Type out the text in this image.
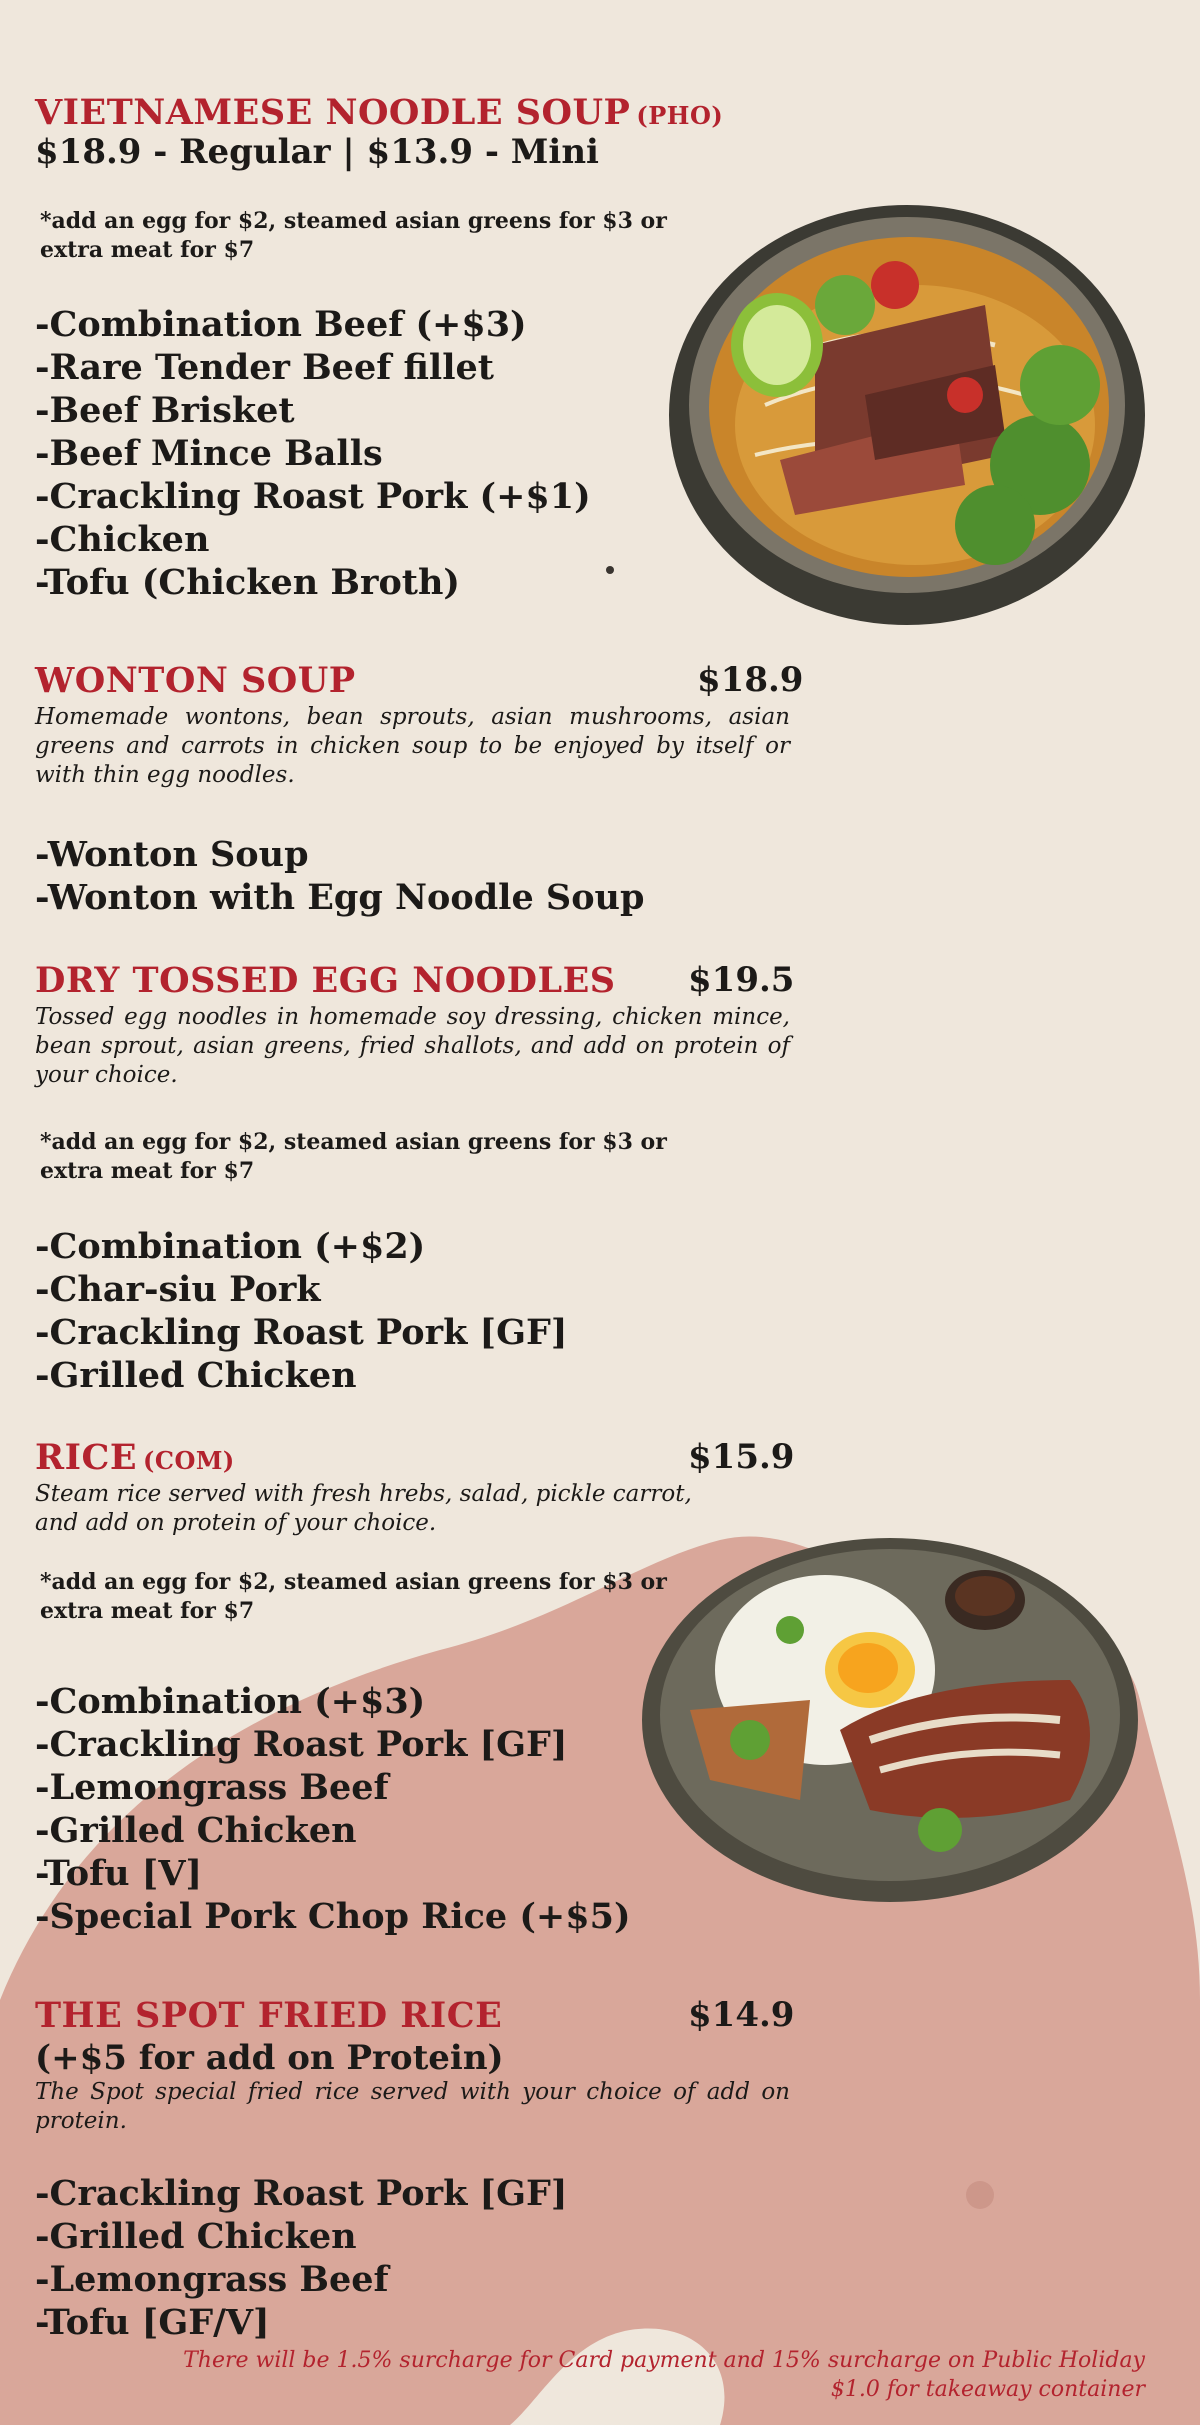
VIETNAMESE NOODLE SOUP (PHO)
$18.9 - Regular | $13.9 - Mini
*add an egg for $2, steamed asian greens for $3 or extra meat for $7
-Combination Beef (+$3)
-Rare Tender Beef fillet
-Beef Brisket
-Beef Mince Balls
-Crackling Roast Pork (+$1)
-Chicken
-Tofu (Chicken Broth)
WONTON SOUP	$18.9
Homemade wontons, bean sprouts, asian mushrooms, asian greens and carrots in chicken soup to be enjoyed by itself or with thin egg noodles.
-Wonton Soup
-Wonton with Egg Noodle Soup
DRY TOSSED EGG NOODLES $19.5
Tossed egg noodles in homemade soy dressing, chicken mince, bean sprout, asian greens, fried shallots, and add on protein of your choice.
*add an egg for $2, steamed asian greens for $3 or extra meat for $7
-Combination (+$2)
-Char-siu Pork
-Crackling Roast Pork [GF]
-Grilled Chicken
RICE (COM)	$15.9
Steam rice served with fresh hrebs, salad, pickle carrot, and add on protein of your choice.
*add an egg for $2, steamed asian greens for $3 or extra meat for $7
-Combination (+$3)
-Crackling Roast Pork [GF]
-Lemongrass Beef
-Grilled Chicken
-Tofu [V]
-Special Pork Chop Rice (+$5)
THE SPOT FRIED RICE	$14.9
(+$5 for add on Protein)
The Spot special fried rice served with your choice of add on protein.
-Crackling Roast Pork [GF]
-Grilled Chicken
-Lemongrass Beef
-Tofu [GF/V]
There will be 1.5% surcharge for Card payment and 15% surcharge on Public Holiday
$1.0 for takeaway container
